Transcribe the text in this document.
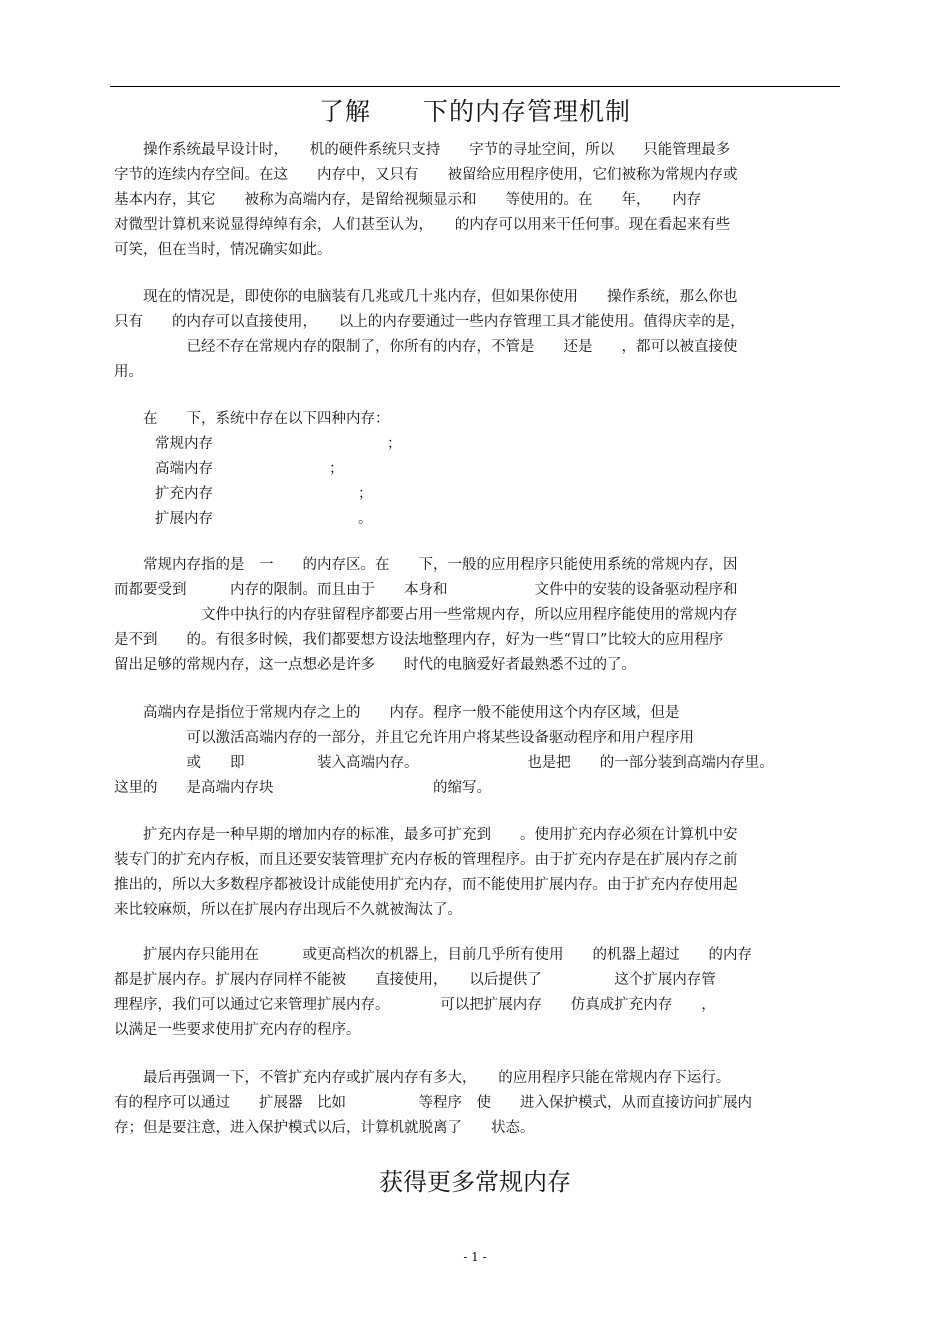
了解　　下的内存管理机制
　　操作系统最早设计时，　　机的硬件系统只支持　　字节的寻址空间，所以　　只能管理最多
字节的连续内存空间。在这　　内存中，又只有　　被留给应用程序使用，它们被称为常规内存或
基本内存，其它　　被称为高端内存，是留给视频显示和　　等使用的。在　　年，　　内存
对微型计算机来说显得绰绰有余，人们甚至认为，　　的内存可以用来干任何事。现在看起来有些
可笑，但在当时，情况确实如此。
　　现在的情况是，即使你的电脑装有几兆或几十兆内存，但如果你使用　　操作系统，那么你也
只有　　的内存可以直接使用，　　以上的内存要通过一些内存管理工具才能使用。值得庆幸的是，
　　　　　已经不存在常规内存的限制了，你所有的内存，不管是　　还是　　，都可以被直接使
用。
　　在　　下，系统中存在以下四种内存：
常规内存　　　　　　　　　　　　；
高端内存　　　　　　　　；
扩充内存　　　　　　　　　　；
扩展内存　　　　　　　　　　。
　　常规内存指的是　一　　的内存区。在　　下，一般的应用程序只能使用系统的常规内存，因
而都要受到　　　内存的限制。而且由于　　本身和　　　　　　文件中的安装的设备驱动程序和
　　　　　　文件中执行的内存驻留程序都要占用一些常规内存，所以应用程序能使用的常规内存
是不到　　的。有很多时候，我们都要想方设法地整理内存，好为一些“胃口”比较大的应用程序
留出足够的常规内存，这一点想必是许多　　时代的电脑爱好者最熟悉不过的了。
　　高端内存是指位于常规内存之上的　　内存。程序一般不能使用这个内存区域，但是
　　　　　可以激活高端内存的一部分，并且它允许用户将某些设备驱动程序和用户程序用
　　　　　或　　即　　　　　装入高端内存。　　　　　　　　也是把　　的一部分装到高端内存里。
这里的　　是高端内存块　　　　　　　　　　　的缩写。
　　扩充内存是一种早期的增加内存的标准，最多可扩充到　　。使用扩充内存必须在计算机中安
装专门的扩充内存板，而且还要安装管理扩充内存板的管理程序。由于扩充内存是在扩展内存之前
推出的，所以大多数程序都被设计成能使用扩充内存，而不能使用扩展内存。由于扩充内存使用起
来比较麻烦，所以在扩展内存出现后不久就被淘汰了。
　　扩展内存只能用在　　　或更高档次的机器上，目前几乎所有使用　　的机器上超过　　的内存
都是扩展内存。扩展内存同样不能被　　直接使用，　　以后提供了　　　　　这个扩展内存管
理程序，我们可以通过它来管理扩展内存。　　　　可以把扩展内存　　仿真成扩充内存　　，
以满足一些要求使用扩充内存的程序。
　　最后再强调一下，不管扩充内存或扩展内存有多大，　　的应用程序只能在常规内存下运行。
有的程序可以通过　　扩展器　比如　　　　　等程序　使　　进入保护模式，从而直接访问扩展内
存；但是要注意，进入保护模式以后，计算机就脱离了　　状态。
获得更多常规内存
- 1 -
